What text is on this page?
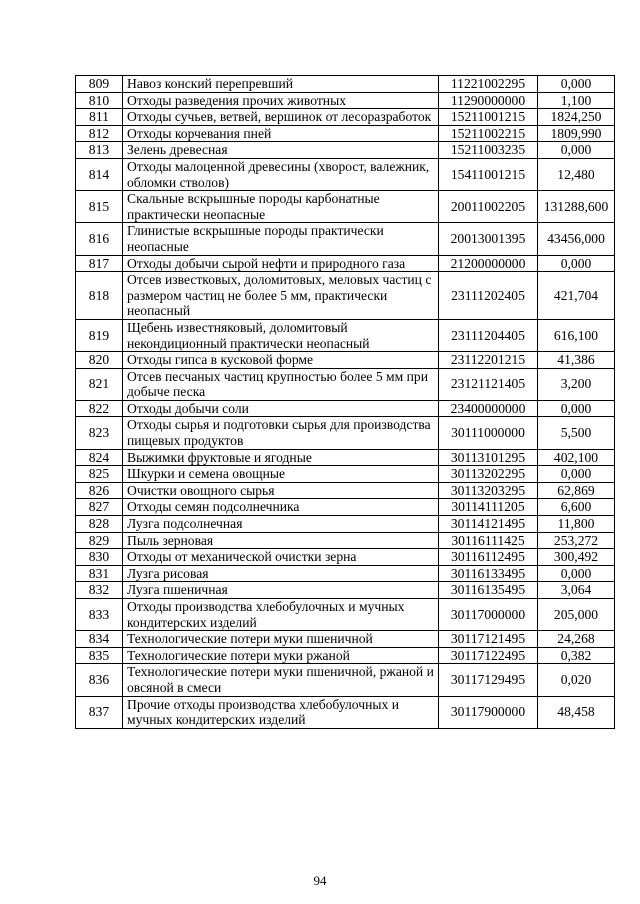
809	Навоз конский перепревший	11221002295	0,000
810	Отходы разведения прочих животных	11290000000	1,100
811	Отходы сучьев, ветвей, вершинок от лесоразработок	15211001215	1824,250
812	Отходы корчевания пней	15211002215	1809,990
813	Зелень древесная	15211003235	0,000
814	Отходы малоценной древесины (хворост, валежник, обломки стволов)	15411001215	12,480
815	Скальные вскрышные породы карбонатные практически неопасные	20011002205	131288,600
816	Глинистые вскрышные породы практически неопасные	20013001395	43456,000
817	Отходы добычи сырой нефти и природного газа	21200000000	0,000
818	Отсев известковых, доломитовых, меловых частиц с размером частиц не более 5 мм, практически неопасный	23111202405	421,704
819	Щебень известняковый, доломитовый некондиционный практически неопасный	23111204405	616,100
820	Отходы гипса в кусковой форме	23112201215	41,386
821	Отсев песчаных частиц крупностью более 5 мм при добыче песка	23121121405	3,200
822	Отходы добычи соли	23400000000	0,000
823	Отходы сырья и подготовки сырья для производства пищевых продуктов	30111000000	5,500
824	Выжимки фруктовые и ягодные	30113101295	402,100
825	Шкурки и семена овощные	30113202295	0,000
826	Очистки овощного сырья	30113203295	62,869
827	Отходы семян подсолнечника	30114111205	6,600
828	Лузга подсолнечная	30114121495	11,800
829	Пыль зерновая	30116111425	253,272
830	Отходы от механической очистки зерна	30116112495	300,492
831	Лузга рисовая	30116133495	0,000
832	Лузга пшеничная	30116135495	3,064
833	Отходы производства хлебобулочных и мучных кондитерских изделий	30117000000	205,000
834	Технологические потери муки пшеничной	30117121495	24,268
835	Технологические потери муки ржаной	30117122495	0,382
836	Технологические потери муки пшеничной, ржаной и овсяной в смеси	30117129495	0,020
837	Прочие отходы производства хлебобулочных и мучных кондитерских изделий	30117900000	48,458
94
